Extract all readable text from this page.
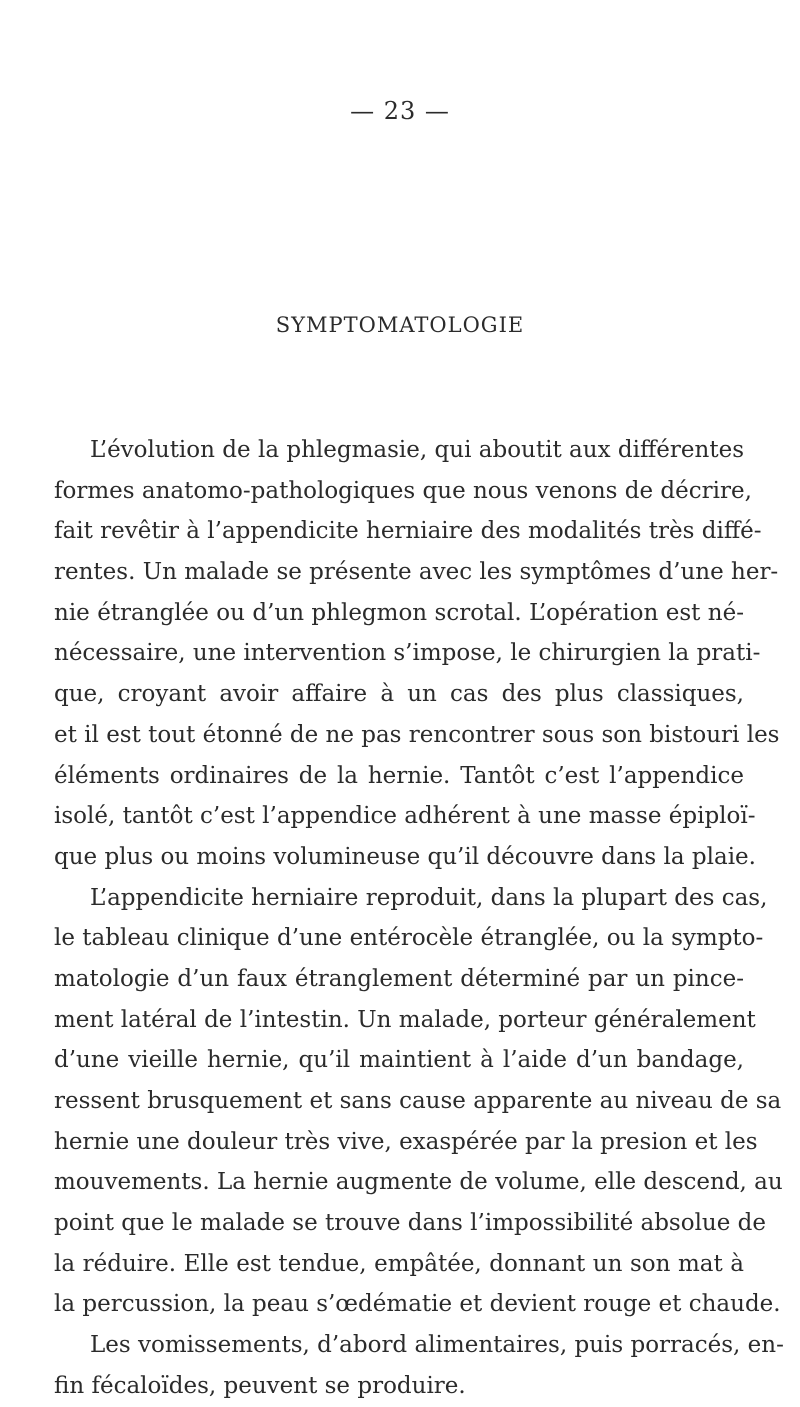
— 23 —
SYMPTOMATOLOGIE
L’évolution de la phlegmasie, qui aboutit aux différentes
formes anatomo-pathologiques que nous venons de décrire,
fait revêtir à l’appendicite herniaire des modalités très diffé-
rentes. Un malade se présente avec les symptômes d’une her-
nie étranglée ou d’un phlegmon scrotal. L’opération est né-
nécessaire, une intervention s’impose, le chirurgien la prati-
que, croyant avoir affaire à un cas des plus classiques,
et il est tout étonné de ne pas rencontrer sous son bistouri les
éléments ordinaires de la hernie. Tantôt c’est l’appendice
isolé, tantôt c’est l’appendice adhérent à une masse épiploï-
que plus ou moins volumineuse qu’il découvre dans la plaie.
L’appendicite herniaire reproduit, dans la plupart des cas,
le tableau clinique d’une entérocèle étranglée, ou la sympto-
matologie d’un faux étranglement déterminé par un pince-
ment latéral de l’intestin. Un malade, porteur généralement
d’une vieille hernie, qu’il maintient à l’aide d’un bandage,
ressent brusquement et sans cause apparente au niveau de sa
hernie une douleur très vive, exaspérée par la presion et les
mouvements. La hernie augmente de volume, elle descend, au
point que le malade se trouve dans l’impossibilité absolue de
la réduire. Elle est tendue, empâtée, donnant un son mat à
la percussion, la peau s’œdématie et devient rouge et chaude.
Les vomissements, d’abord alimentaires, puis porracés, en-
fin fécaloïdes, peuvent se produire.
